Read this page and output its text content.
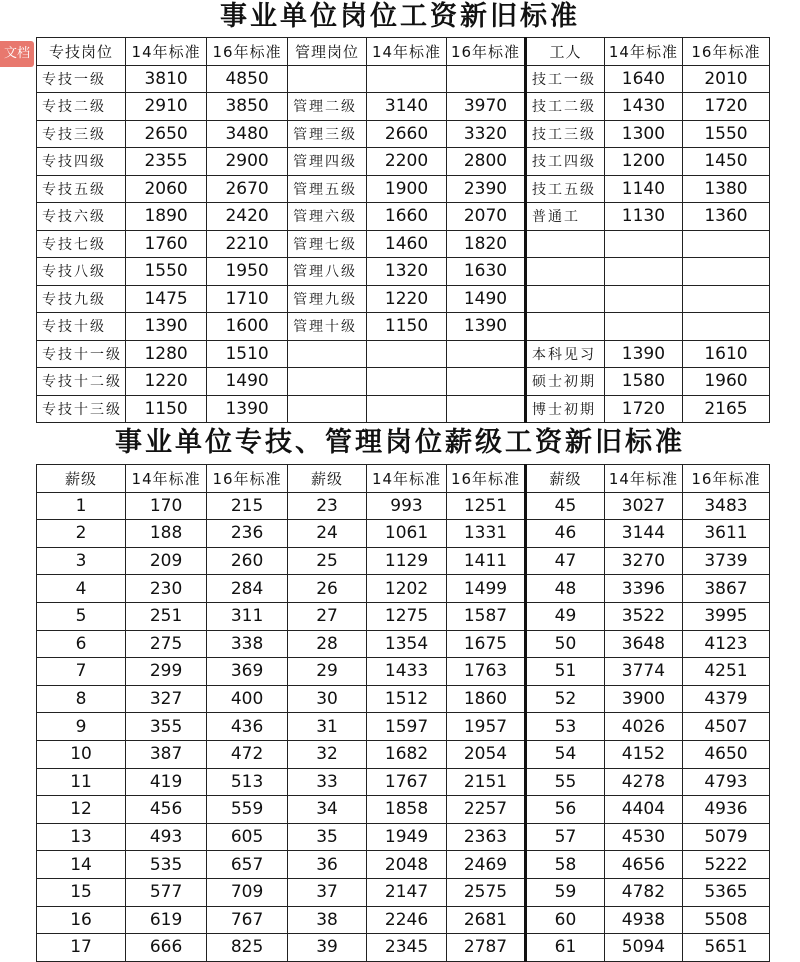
事业单位岗位工资新旧标准
文档 专技岗位	14年标准	16年标准	管理岗位	14年标准	16年标准	工人	14年标准	16年标准
专技一级	3810	4850				技工一级	1640	2010
专技二级	2910	3850	管理二级	3140	3970	技工二级	1430	1720
专技三级	2650	3480	管理三级	2660	3320	技工三级	1300	1550
专技四级	2355	2900	管理四级	2200	2800	技工四级	1200	1450
专技五级	2060	2670	管理五级	1900	2390	技工五级	1140	1380
专技六级	1890	2420	管理六级	1660	2070	普通工	1130	1360
专技七级	1760	2210	管理七级	1460	1820			
专技八级	1550	1950	管理八级	1320	1630			
专技九级	1475	1710	管理九级	1220	1490			
专技十级	1390	1600	管理十级	1150	1390			
专技十一级	1280	1510				本科见习	1390	1610
专技十二级	1220	1490				硕士初期	1580	1960
专技十三级	1150	1390				博士初期	1720	2165
事业单位专技、管理岗位薪级工资新旧标准
薪级	14年标准	16年标准	薪级	14年标准	16年标准	薪级	14年标准	16年标准
1	170	215	23	993	1251	45	3027	3483
2	188	236	24	1061	1331	46	3144	3611
3	209	260	25	1129	1411	47	3270	3739
4	230	284	26	1202	1499	48	3396	3867
5	251	311	27	1275	1587	49	3522	3995
6	275	338	28	1354	1675	50	3648	4123
7	299	369	29	1433	1763	51	3774	4251
8	327	400	30	1512	1860	52	3900	4379
9	355	436	31	1597	1957	53	4026	4507
10	387	472	32	1682	2054	54	4152	4650
11	419	513	33	1767	2151	55	4278	4793
12	456	559	34	1858	2257	56	4404	4936
13	493	605	35	1949	2363	57	4530	5079
14	535	657	36	2048	2469	58	4656	5222
15	577	709	37	2147	2575	59	4782	5365
16	619	767	38	2246	2681	60	4938	5508
17	666	825	39	2345	2787	61	5094	5651
